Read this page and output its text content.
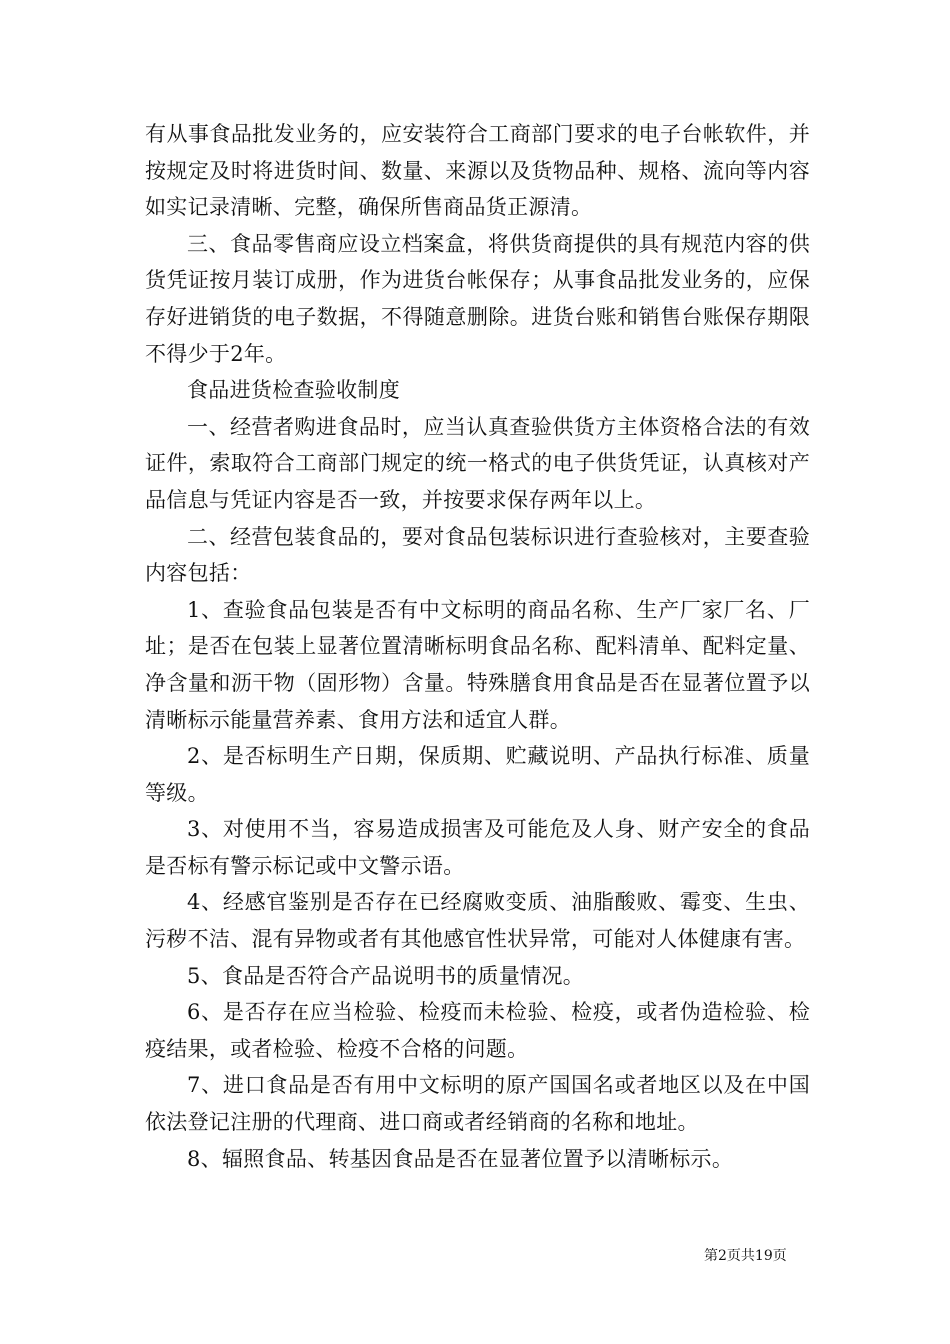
有从事食品批发业务的，应安装符合工商部门要求的电子台帐软件，并按规定及时将进货时间、数量、来源以及货物品种、规格、流向等内容如实记录清晰、完整，确保所售商品货正源清。

三、食品零售商应设立档案盒，将供货商提供的具有规范内容的供货凭证按月装订成册，作为进货台帐保存；从事食品批发业务的，应保存好进销货的电子数据，不得随意删除。进货台账和销售台账保存期限不得少于2年。

食品进货检查验收制度

一、经营者购进食品时，应当认真查验供货方主体资格合法的有效证件，索取符合工商部门规定的统一格式的电子供货凭证，认真核对产品信息与凭证内容是否一致，并按要求保存两年以上。

二、经营包装食品的，要对食品包装标识进行查验核对，主要查验内容包括：

1、查验食品包装是否有中文标明的商品名称、生产厂家厂名、厂址；是否在包装上显著位置清晰标明食品名称、配料清单、配料定量、净含量和沥干物（固形物）含量。特殊膳食用食品是否在显著位置予以清晰标示能量营养素、食用方法和适宜人群。

2、是否标明生产日期，保质期、贮藏说明、产品执行标准、质量等级。

3、对使用不当，容易造成损害及可能危及人身、财产安全的食品是否标有警示标记或中文警示语。

4、经感官鉴别是否存在已经腐败变质、油脂酸败、霉变、生虫、污秽不洁、混有异物或者有其他感官性状异常，可能对人体健康有害。

5、食品是否符合产品说明书的质量情况。

6、是否存在应当检验、检疫而未检验、检疫，或者伪造检验、检疫结果，或者检验、检疫不合格的问题。

7、进口食品是否有用中文标明的原产国国名或者地区以及在中国依法登记注册的代理商、进口商或者经销商的名称和地址。

8、辐照食品、转基因食品是否在显著位置予以清晰标示。

第2页共19页
